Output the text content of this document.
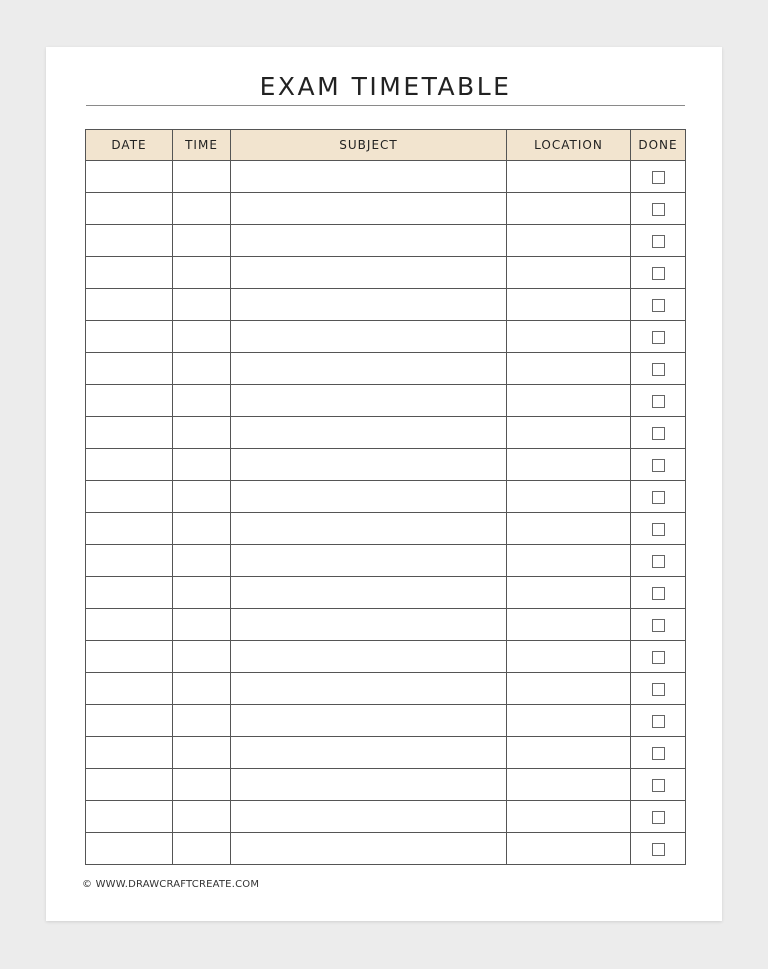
EXAM TIMETABLE
DATE	TIME	SUBJECT	LOCATION	DONE

© WWW.DRAWCRAFTCREATE.COM
